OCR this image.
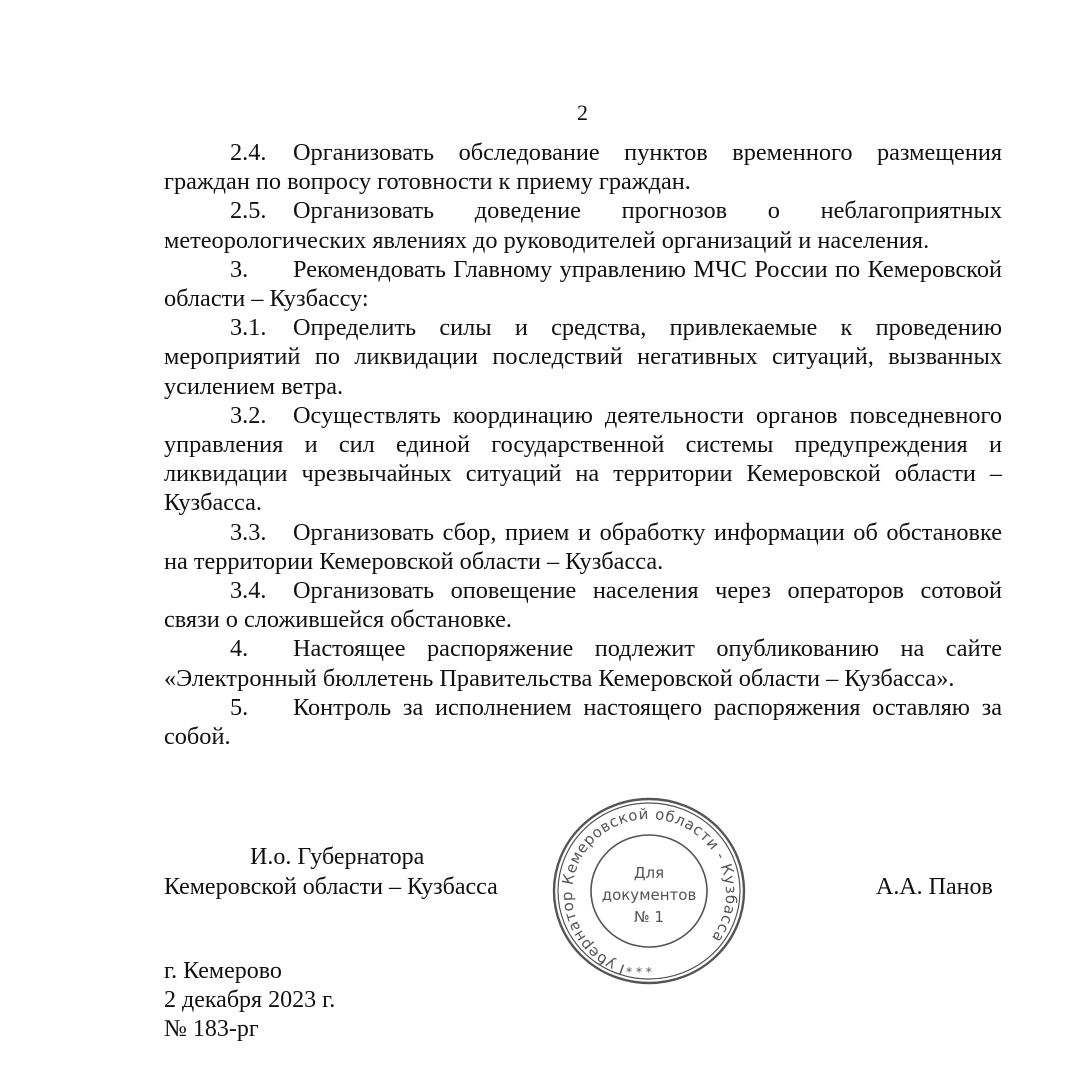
2

2.4. Организовать обследование пунктов временного размещения граждан по вопросу готовности к приему граждан.

2.5. Организовать доведение прогнозов о неблагоприятных метеорологических явлениях до руководителей организаций и населения.

3. Рекомендовать Главному управлению МЧС России по Кемеровской области – Кузбассу:

3.1. Определить силы и средства, привлекаемые к проведению мероприятий по ликвидации последствий негативных ситуаций, вызванных усилением ветра.

3.2. Осуществлять координацию деятельности органов повседневного управления и сил единой государственной системы предупреждения и ликвидации чрезвычайных ситуаций на территории Кемеровской области – Кузбасса.

3.3. Организовать сбор, прием и обработку информации об обстановке на территории Кемеровской области – Кузбасса.

3.4. Организовать оповещение населения через операторов сотовой связи о сложившейся обстановке.

4. Настоящее распоряжение подлежит опубликованию на сайте «Электронный бюллетень Правительства Кемеровской области – Кузбасса».

5. Контроль за исполнением настоящего распоряжения оставляю за собой.

И.о. Губернатора
Кемеровской области – Кузбасса	А.А. Панов
Губернатор Кемеровской области - Кузбасса
Для
документов
№ 1
* * *
г. Кемерово
2 декабря 2023 г.
№ 183-рг
